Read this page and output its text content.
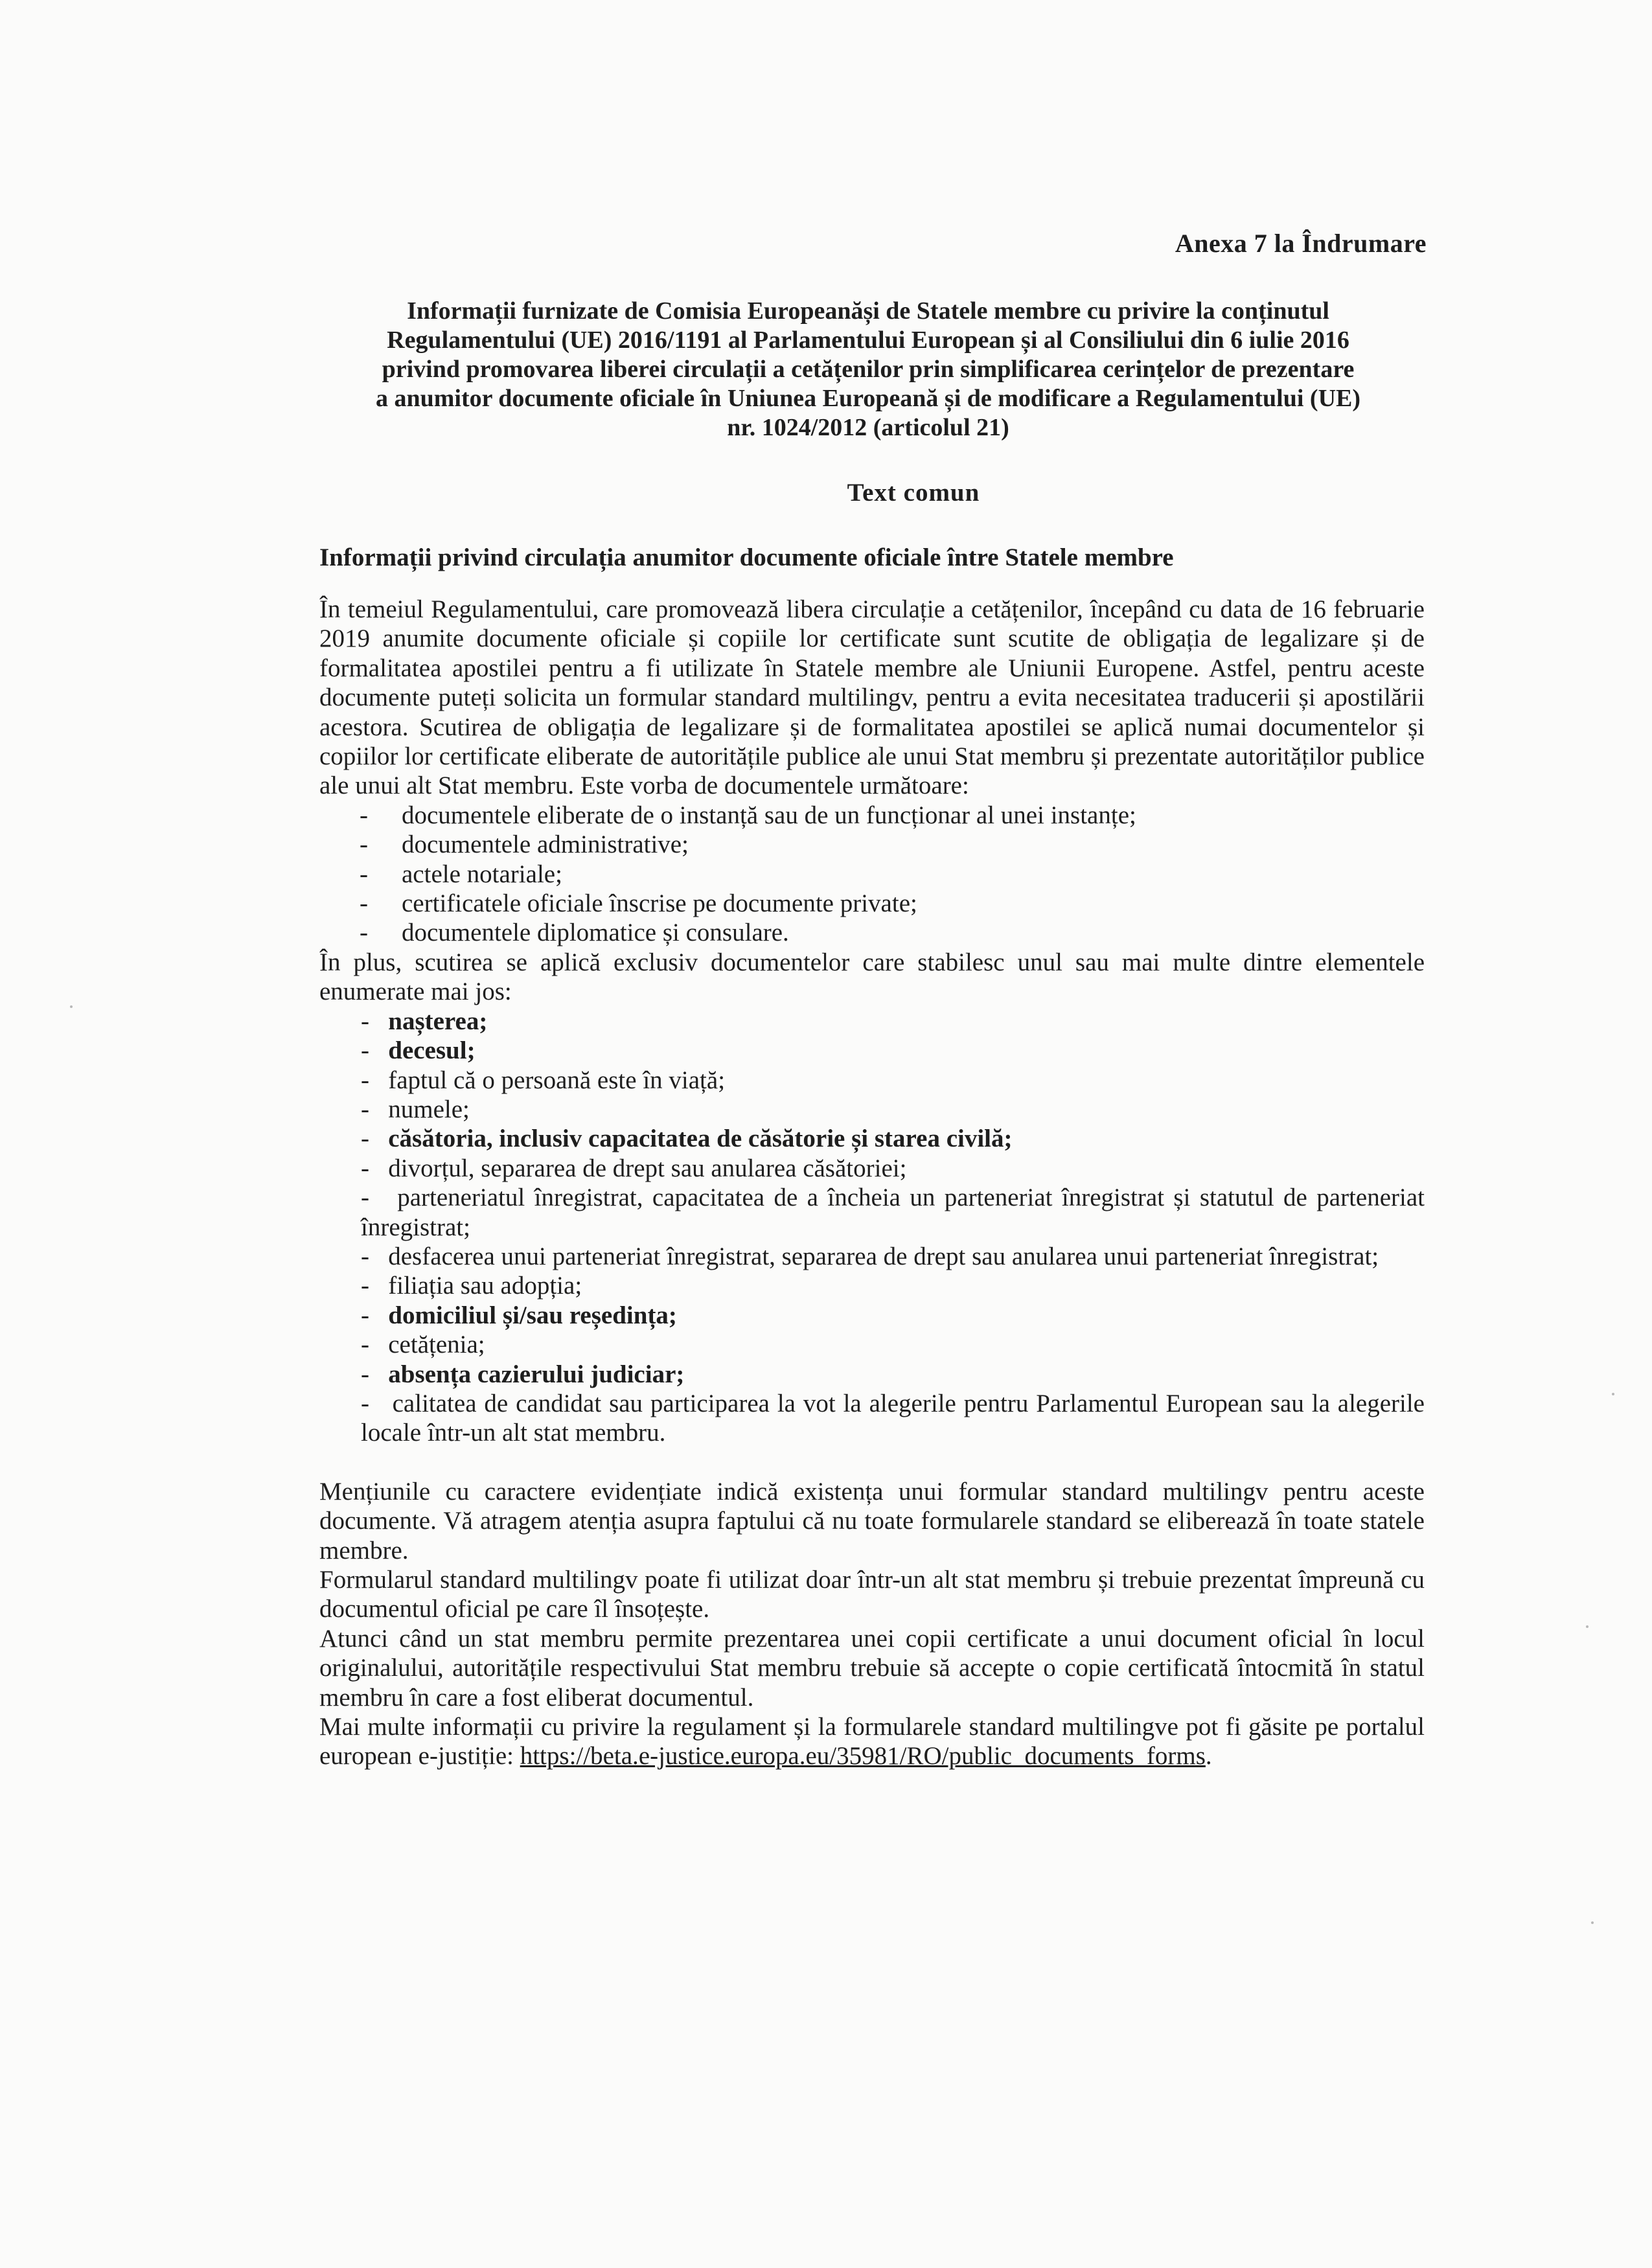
Anexa 7 la Îndrumare
Informații furnizate de Comisia Europeanăși de Statele membre cu privire la conținutul
Regulamentului (UE) 2016/1191 al Parlamentului European și al Consiliului din 6 iulie 2016
privind promovarea liberei circulații a cetățenilor prin simplificarea cerințelor de prezentare
a anumitor documente oficiale în Uniunea Europeană și de modificare a Regulamentului (UE)
nr. 1024/2012 (articolul 21)
Text comun
Informații privind circulația anumitor documente oficiale între Statele membre

În temeiul Regulamentului, care promovează libera circulație a cetățenilor, începând cu data de 16 februarie 2019 anumite documente oficiale și copiile lor certificate sunt scutite de obligația de legalizare și de formalitatea apostilei pentru a fi utilizate în Statele membre ale Uniunii Europene. Astfel, pentru aceste documente puteți solicita un formular standard multilingv, pentru a evita necesitatea traducerii și apostilării acestora. Scutirea de obligația de legalizare și de formalitatea apostilei se aplică numai documentelor și copiilor lor certificate eliberate de autoritățile publice ale unui Stat membru și prezentate autorităților publice ale unui alt Stat membru. Este vorba de documentele următoare:

- documentele eliberate de o instanță sau de un funcționar al unei instanțe;
- documentele administrative;
- actele notariale;
- certificatele oficiale înscrise pe documente private;
- documentele diplomatice și consulare.

În plus, scutirea se aplică exclusiv documentelor care stabilesc unul sau mai multe dintre elementele enumerate mai jos:

-   nașterea;
-   decesul;
-   faptul că o persoană este în viață;
-   numele;
-   căsătoria, inclusiv capacitatea de căsătorie și starea civilă;
-   divorțul, separarea de drept sau anularea căsătoriei;
-   parteneriatul înregistrat, capacitatea de a încheia un parteneriat înregistrat și statutul de parteneriat înregistrat;
-   desfacerea unui parteneriat înregistrat, separarea de drept sau anularea unui parteneriat înregistrat;
-   filiația sau adopția;
-   domiciliul și/sau reședința;
-   cetățenia;
-   absența cazierului judiciar;
-   calitatea de candidat sau participarea la vot la alegerile pentru Parlamentul European sau la alegerile locale într-un alt stat membru.

Mențiunile cu caractere evidențiate indică existența unui formular standard multilingv pentru aceste documente. Vă atragem atenția asupra faptului că nu toate formularele standard se eliberează în toate statele membre.

Formularul standard multilingv poate fi utilizat doar într-un alt stat membru și trebuie prezentat împreună cu documentul oficial pe care îl însoțește.

Atunci când un stat membru permite prezentarea unei copii certificate a unui document oficial în locul originalului, autoritățile respectivului Stat membru trebuie să accepte o copie certificată întocmită în statul membru în care a fost eliberat documentul.

Mai multe informații cu privire la regulament și la formularele standard multilingve pot fi găsite pe portalul european e-justiție: https://beta.e-justice.europa.eu/35981/RO/public_documents_forms.
